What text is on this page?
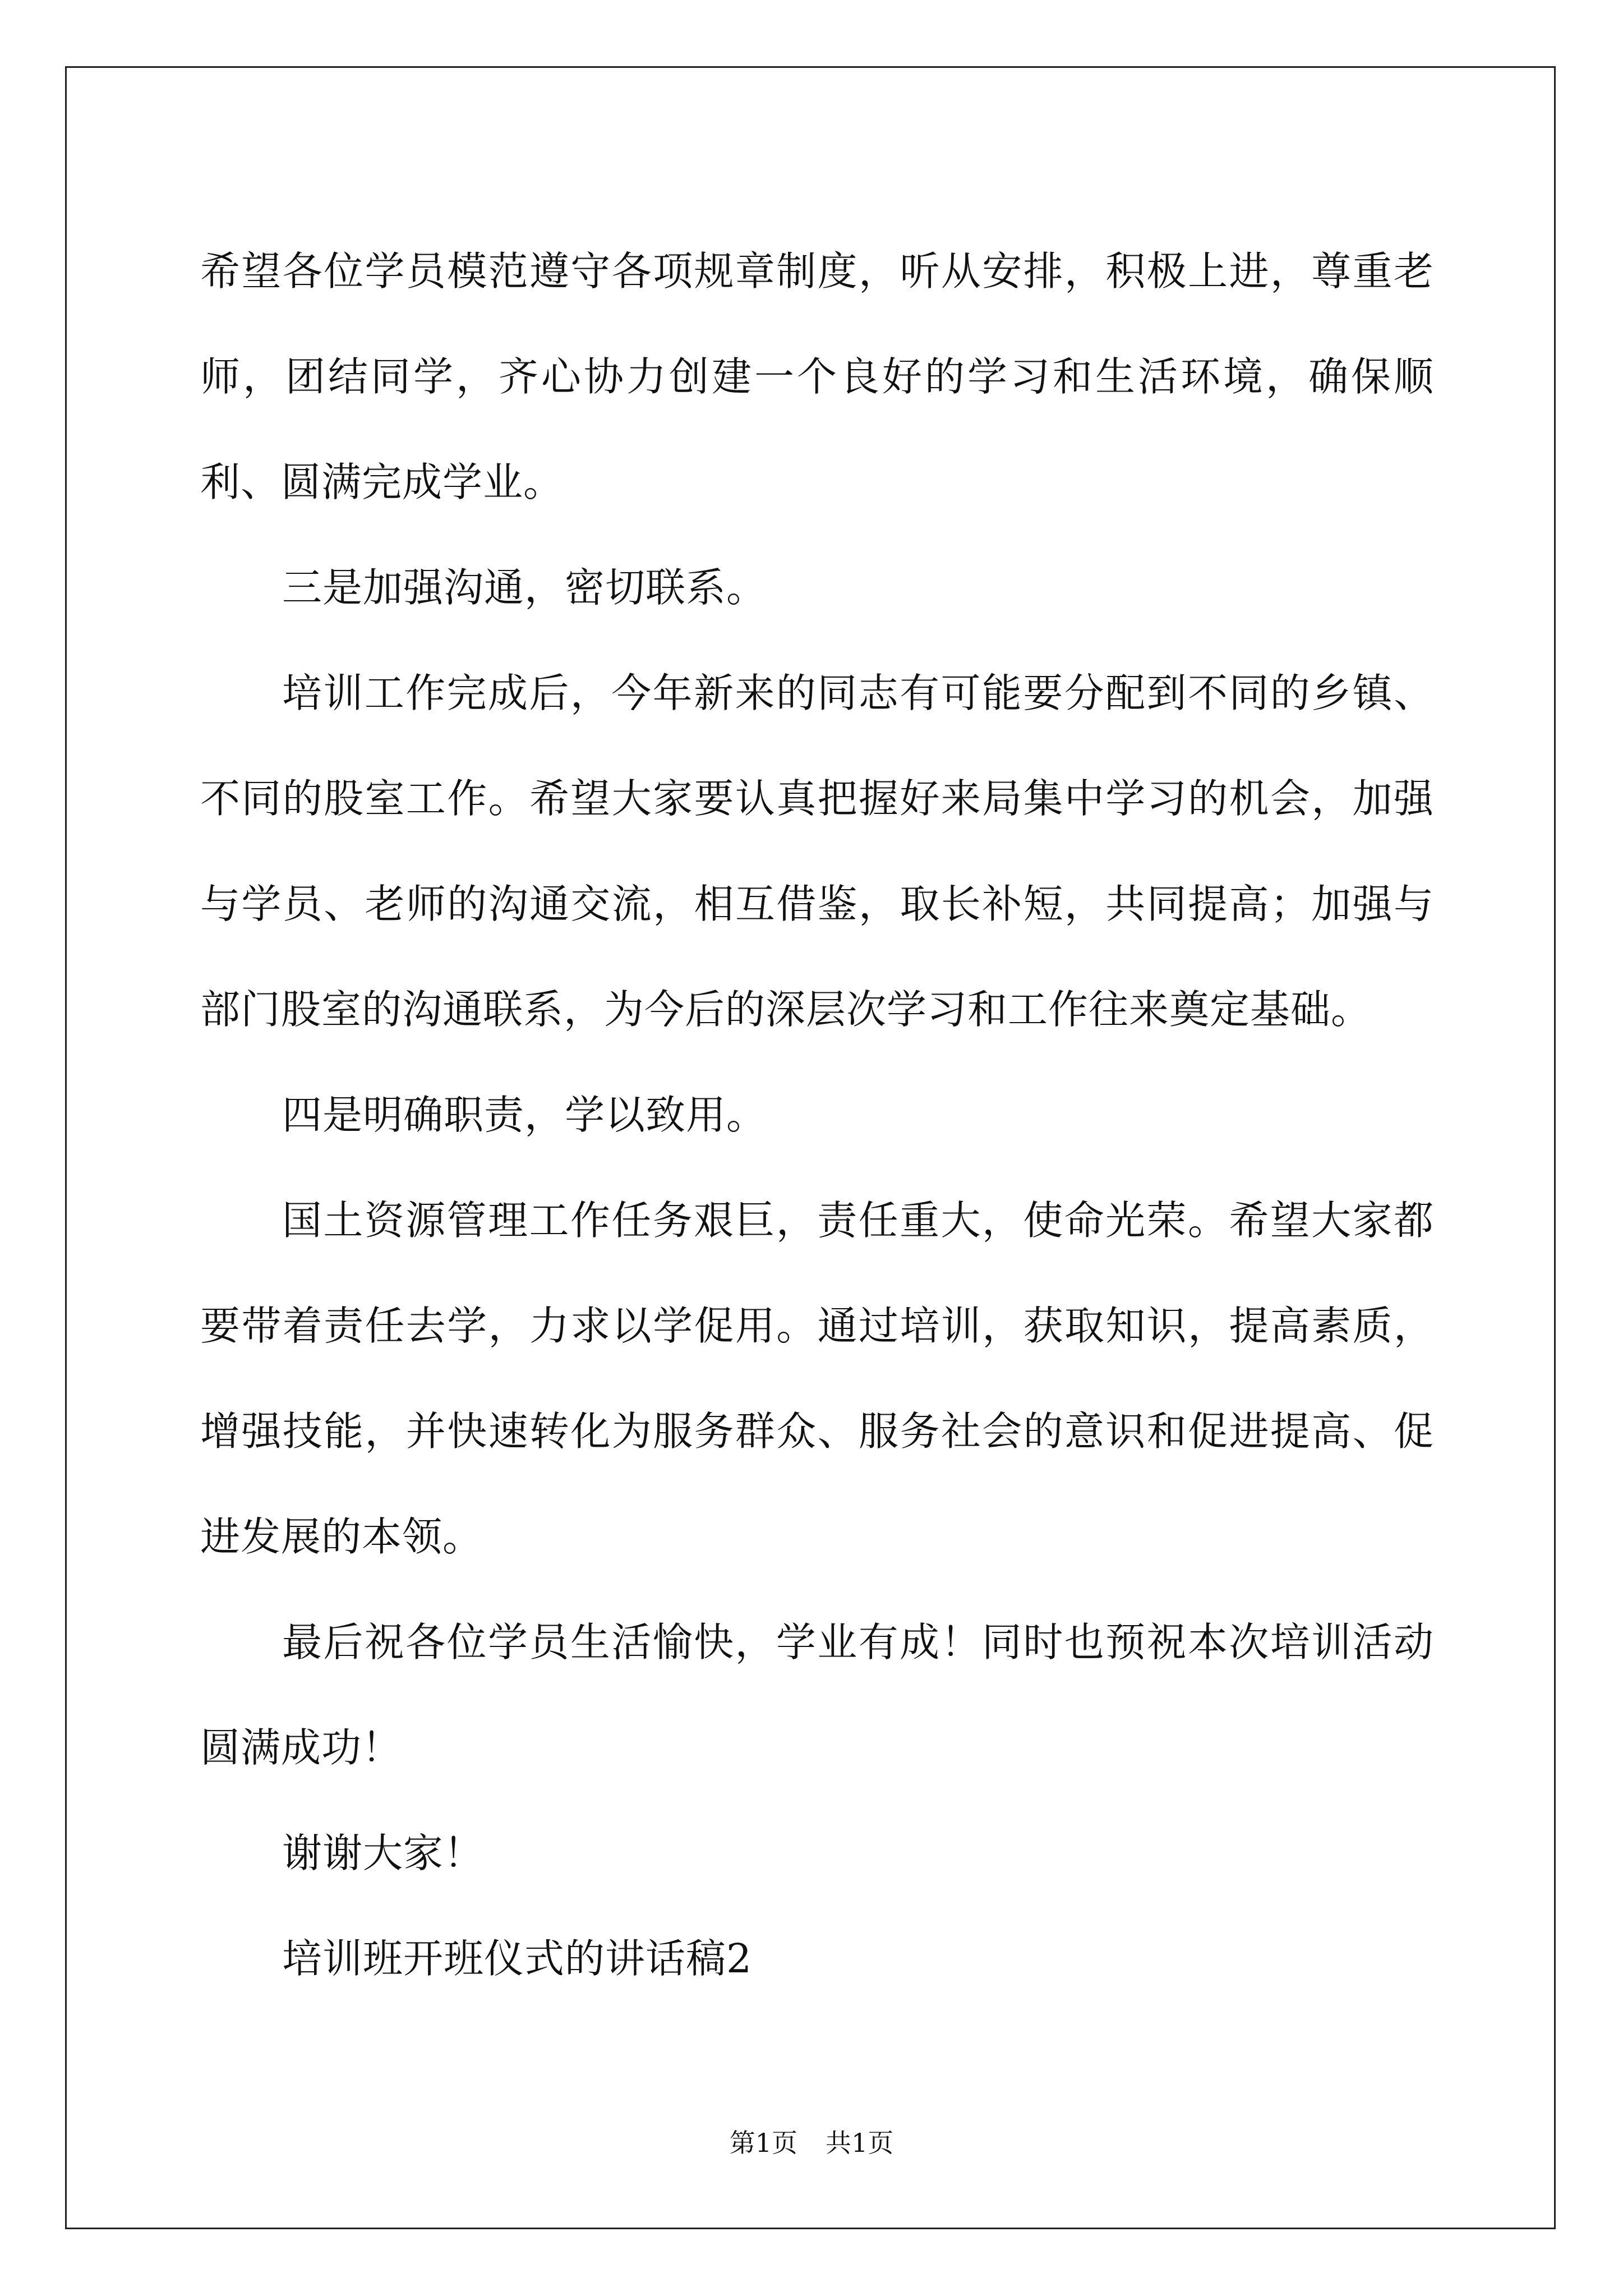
希望各位学员模范遵守各项规章制度，听从安排，积极上进，尊重老师，团结同学，齐心协力创建一个良好的学习和生活环境，确保顺利、圆满完成学业。

三是加强沟通，密切联系。

培训工作完成后，今年新来的同志有可能要分配到不同的乡镇、不同的股室工作。希望大家要认真把握好来局集中学习的机会，加强与学员、老师的沟通交流，相互借鉴，取长补短，共同提高；加强与部门股室的沟通联系，为今后的深层次学习和工作往来奠定基础。

四是明确职责，学以致用。

国土资源管理工作任务艰巨，责任重大，使命光荣。希望大家都要带着责任去学，力求以学促用。通过培训，获取知识，提高素质，增强技能，并快速转化为服务群众、服务社会的意识和促进提高、促进发展的本领。

最后祝各位学员生活愉快，学业有成！同时也预祝本次培训活动圆满成功！

谢谢大家！

培训班开班仪式的讲话稿2

第1页 共1页
